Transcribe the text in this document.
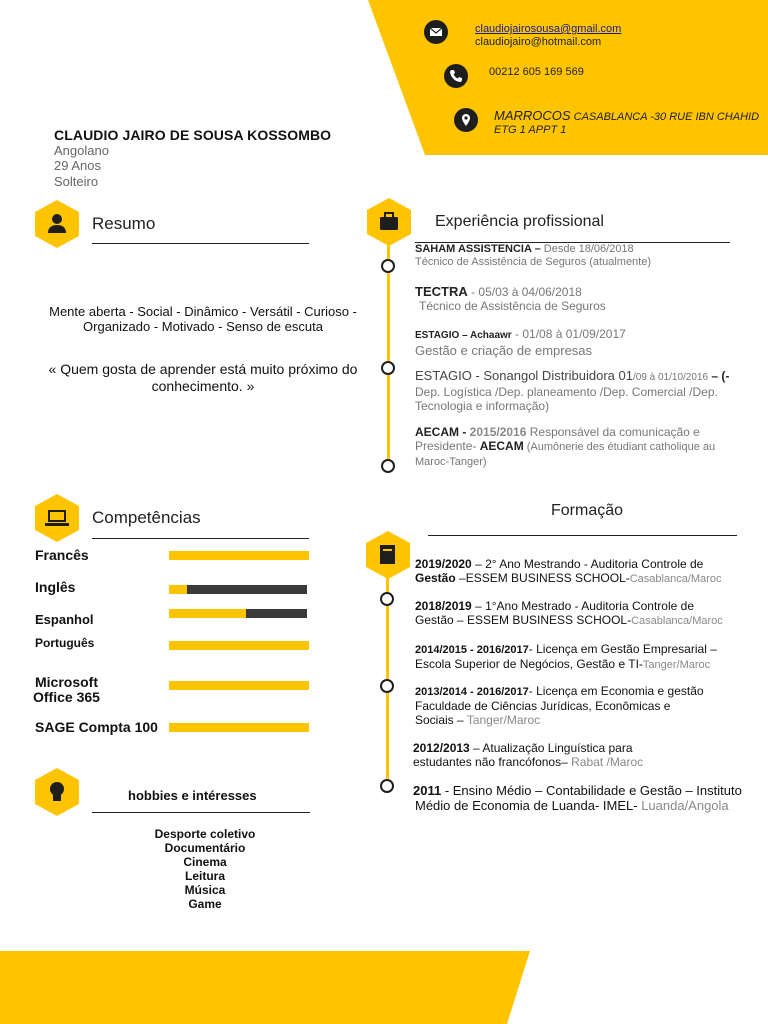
claudiojairosousa@gmail.com
claudiojairo@hotmail.com
00212 605 169 569
MARROCOS CASABLANCA -30 RUE IBN CHAHID
ETG 1 APPT 1
CLAUDIO JAIRO DE SOUSA KOSSOMBO
Angolano
29 Anos
Solteiro
Resumo
Mente aberta - Social - Dinâmico - Versátil - Curioso -
Organizado - Motivado - Senso de escuta
« Quem gosta de aprender está muito próximo do
conhecimento. »
Experiência profissional
SAHAM ASSISTENCIA – Desde 18/06/2018
Técnico de Assistência de Seguros (atualmente)
TECTRA - 05/03 à 04/06/2018
Técnico de Assistência de Seguros
ESTAGIO – Achaawr - 01/08 à 01/09/2017
Gestão e criação de empresas
ESTAGIO - Sonangol Distribuidora 01/09 à 01/10/2016 – (- Dep. Logística /Dep. planeamento /Dep. Comercial /Dep. Tecnologia e informação)
AECAM - 2015/2016 Responsável da comunicação e Presidente- AECAM (Aumônerie des étudiant catholique au Maroc-Tanger)
Competências
Francês
Inglês
Espanhol
Português
Microsoft
Office 365
SAGE Compta 100
hobbies e intéresses
Desporte coletivo
Documentário
Cinema
Leitura
Música
Game
Formação
2019/2020 – 2° Ano Mestrando - Auditoria Controle de
Gestão –ESSEM BUSINESS SCHOOL-Casablanca/Maroc
2018/2019 – 1°Ano Mestrado - Auditoria Controle de
Gestão – ESSEM BUSINESS SCHOOL-Casablanca/Maroc
2014/2015 - 2016/2017- Licença em Gestão Empresarial –
Escola Superior de Negócios, Gestão e TI-Tanger/Maroc
2013/2014 - 2016/2017- Licença em Economia e gestão
Faculdade de Ciências Jurídicas, Econômicas e
Sociais – Tanger/Maroc
2012/2013 – Atualização Linguística para
estudantes não francófonos– Rabat /Maroc
2011 - Ensino Médio – Contabilidade e Gestão – Instituto
Médio de Economia de Luanda- IMEL- Luanda/Angola
